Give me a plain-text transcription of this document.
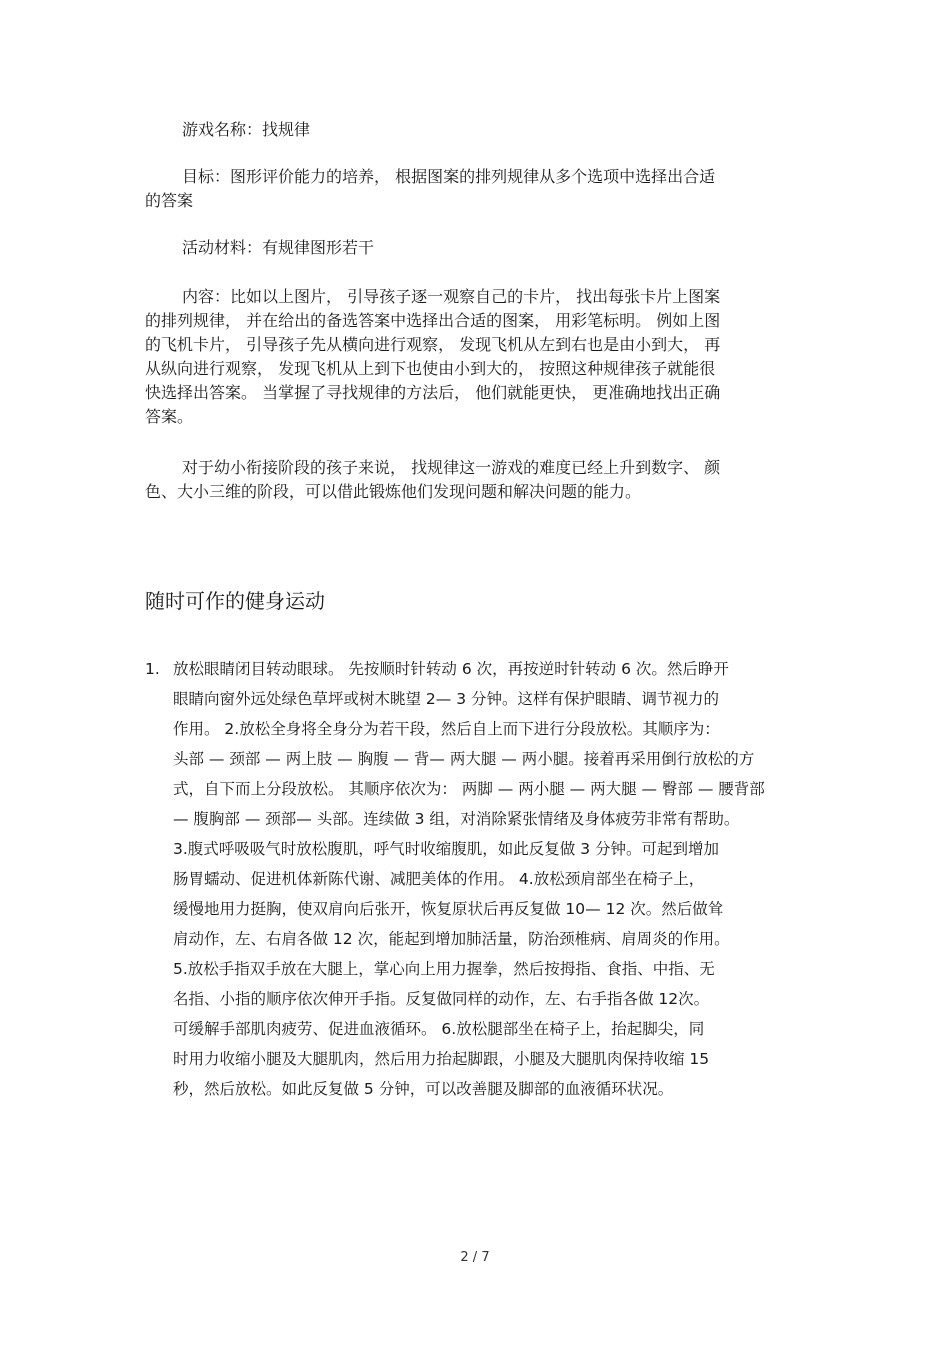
游戏名称：找规律
目标：图形评价能力的培养， 根据图案的排列规律从多个选项中选择出合适
的答案
活动材料：有规律图形若干
内容：比如以上图片， 引导孩子逐一观察自己的卡片， 找出每张卡片上图案
的排列规律， 并在给出的备选答案中选择出合适的图案， 用彩笔标明。 例如上图
的飞机卡片， 引导孩子先从横向进行观察， 发现飞机从左到右也是由小到大， 再
从纵向进行观察， 发现飞机从上到下也使由小到大的， 按照这种规律孩子就能很
快选择出答案。 当掌握了寻找规律的方法后， 他们就能更快， 更准确地找出正确
答案。
对于幼小衔接阶段的孩子来说， 找规律这一游戏的难度已经上升到数字、 颜
色、大小三维的阶段，可以借此锻炼他们发现问题和解决问题的能力。
随时可作的健身运动
1. 放松眼睛闭目转动眼球。 先按顺时针转动 6 次，再按逆时针转动 6 次。然后睁开
眼睛向窗外远处绿色草坪或树木眺望 2— 3 分钟。这样有保护眼睛、调节视力的
作用。 2.放松全身将全身分为若干段，然后自上而下进行分段放松。其顺序为：
头部 — 颈部 — 两上肢 — 胸腹 — 背— 两大腿 — 两小腿。接着再采用倒行放松的方
式，自下而上分段放松。 其顺序依次为： 两脚 — 两小腿 — 两大腿 — 臀部 — 腰背部
— 腹胸部 — 颈部— 头部。连续做 3 组，对消除紧张情绪及身体疲劳非常有帮助。
3.腹式呼吸吸气时放松腹肌，呼气时收缩腹肌，如此反复做 3 分钟。可起到增加
肠胃蠕动、促进机体新陈代谢、减肥美体的作用。 4.放松颈肩部坐在椅子上，
缓慢地用力挺胸，使双肩向后张开，恢复原状后再反复做 10— 12 次。然后做耸
肩动作，左、右肩各做 12 次，能起到增加肺活量，防治颈椎病、肩周炎的作用。
5.放松手指双手放在大腿上，掌心向上用力握拳，然后按拇指、食指、中指、无
名指、小指的顺序依次伸开手指。反复做同样的动作，左、右手指各做 12次。
可缓解手部肌肉疲劳、促进血液循环。 6.放松腿部坐在椅子上，抬起脚尖，同
时用力收缩小腿及大腿肌肉，然后用力抬起脚跟，小腿及大腿肌肉保持收缩 15
秒，然后放松。如此反复做 5 分钟，可以改善腿及脚部的血液循环状况。
2 / 7
